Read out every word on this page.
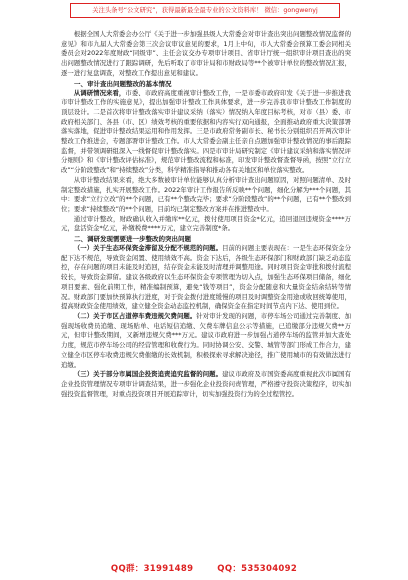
关注头条号“公文研究”，获得最新最全最专业的公文资料库！ 微信：gongwenyj

根据全国人大常委会办公厅《关于进一步加强县级人大常委会对审计查出突出问题整改情况监督的意见》和市九届人大常委会第三次会议审议意见的要求，1月上中旬，市人大常委会预算工委会同相关委员会对2022年度财政“同级审”、主任会议交办专项审计项目、省审计厅统一组织审计项目查出的突出问题整改情况进行了跟踪调研，先后听取了市审计局和市财政局等**个被审计单位的整改情况汇报，逐一进行复盘调查，对整改工作提出意见和建议。

一、审计查出问题整改的基本情况

从调研情况来看，市委、市政府高度重视审计整改工作，一是市委市政府印发《关于进一步推进我市审计整改工作的实施意见》，提出加强审计整改工作具体要求，进一步完善我市审计整改工作制度的顶层设计。二是首次将审计整改落实审计建议采纳（落实）情况纳入年度目标考核，对市（县）委、市政府相关部门、各县（市、区）绩效考核的重要依据和内容实行双向通报，全面推动政府重大决策部署落实落地，促进审计整改结果运用和作用发挥。三是市政府常务副市长、秘书长分别组织召开两次审计整改工作推进会，专题部署审计整改工作。市人大常委会副主任亲自点题加强审计整改情况的事后跟踪监督，并带领调研组深入一线督促审计整改落实。四是市审计局研究制定《审计建议采纳和落实情况评分细则》和《审计整改评估标准》，规范审计整改流程和标准，印发审计整改督查督导函，按照“立行立改”“分阶段整改”和“持续整改”分类，科学精准指导和推动各有关地区和单位落实整改。

从审计整改结果来看，绝大多数被审计单位能够认真分析审计查出问题原因，对照问题清单、及时制定整改措施，扎实开展整改工作。2022年审计工作报告所反映**个问题，细化分解为***个问题，其中：要求“立行立改”的**个问题，已有**个整改完毕；要求“分阶段整改”的**个问题，已有**个整改到位；要求“持续整改”的**个问题，目前均已制定整改方案并在推进整改中。

通过审计整改，财政确认收入并缴库**亿元，拨付使用项目资金*亿元，追回退回违规资金****万元，盘活资金*亿元，补缴税费****万元，建立完善制度*条。

二、调研发现需要进一步整改的突出问题

（一）关于生态环保资金滞留及分配不规范的问题。目前的问题主要表现在：一是生态环保资金分配下达不规范，导致资金闲置、使用绩效不高。资金下达后，各级生态环保部门和财政部门缺乏动态监控，存在问题的项目未能及时追回，结存资金未能及时清理并调整用途。同时项目资金审批和拨付流程较长，导致资金滞留。建议各级政府以生态环保资金专项管理为切入点，加强生态环保项目储备，细化项目要素、强化前期工作，精准编制预算，避免“钱等项目”，资金分配随意和大量资金结余结转等情况。财政部门要加快预算执行进度，对于资金拨付进度缓慢的项目及时调整资金用途或收回统筹使用，提高财政资金使用绩效，建立健全资金动态监控机制，确保资金在指定时间节点内下达、使用到位。

（二）关于市区占道停车费违规欠费问题。针对审计发现的问题，市停车场公司通过完善制度、加强现场收费员追缴、现场贴单、电话短信追缴、欠费车牌信息公示等措施，已追缴部分违规欠费**万元，但审计整改期间，又新增违规欠费***万元。建议市政府进一步加强占道停车场的监管并加大查处力度，规范市停车场公司的经营管理和收费行为。同时协调公安、交警、城管等部门形成工作合力，建立健全市区停车收费违规欠费催缴的长效机制，积极探索寻求解决途径，推广使用城市的有效做法进行追缴。

（三）关于部分市属国企投资追责追究监督的问题。建议市政府及市国资委高度重视此次市属国有企业投资管理情况专项审计调查结果，进一步强化企业投资问责管理，严格遵守投资决策程序，切实加强投资监督管理，对重点投资项目开展追踪审计，切实加强投资行为的全过程管控。

QQ群：31991489	QQ：535304092
